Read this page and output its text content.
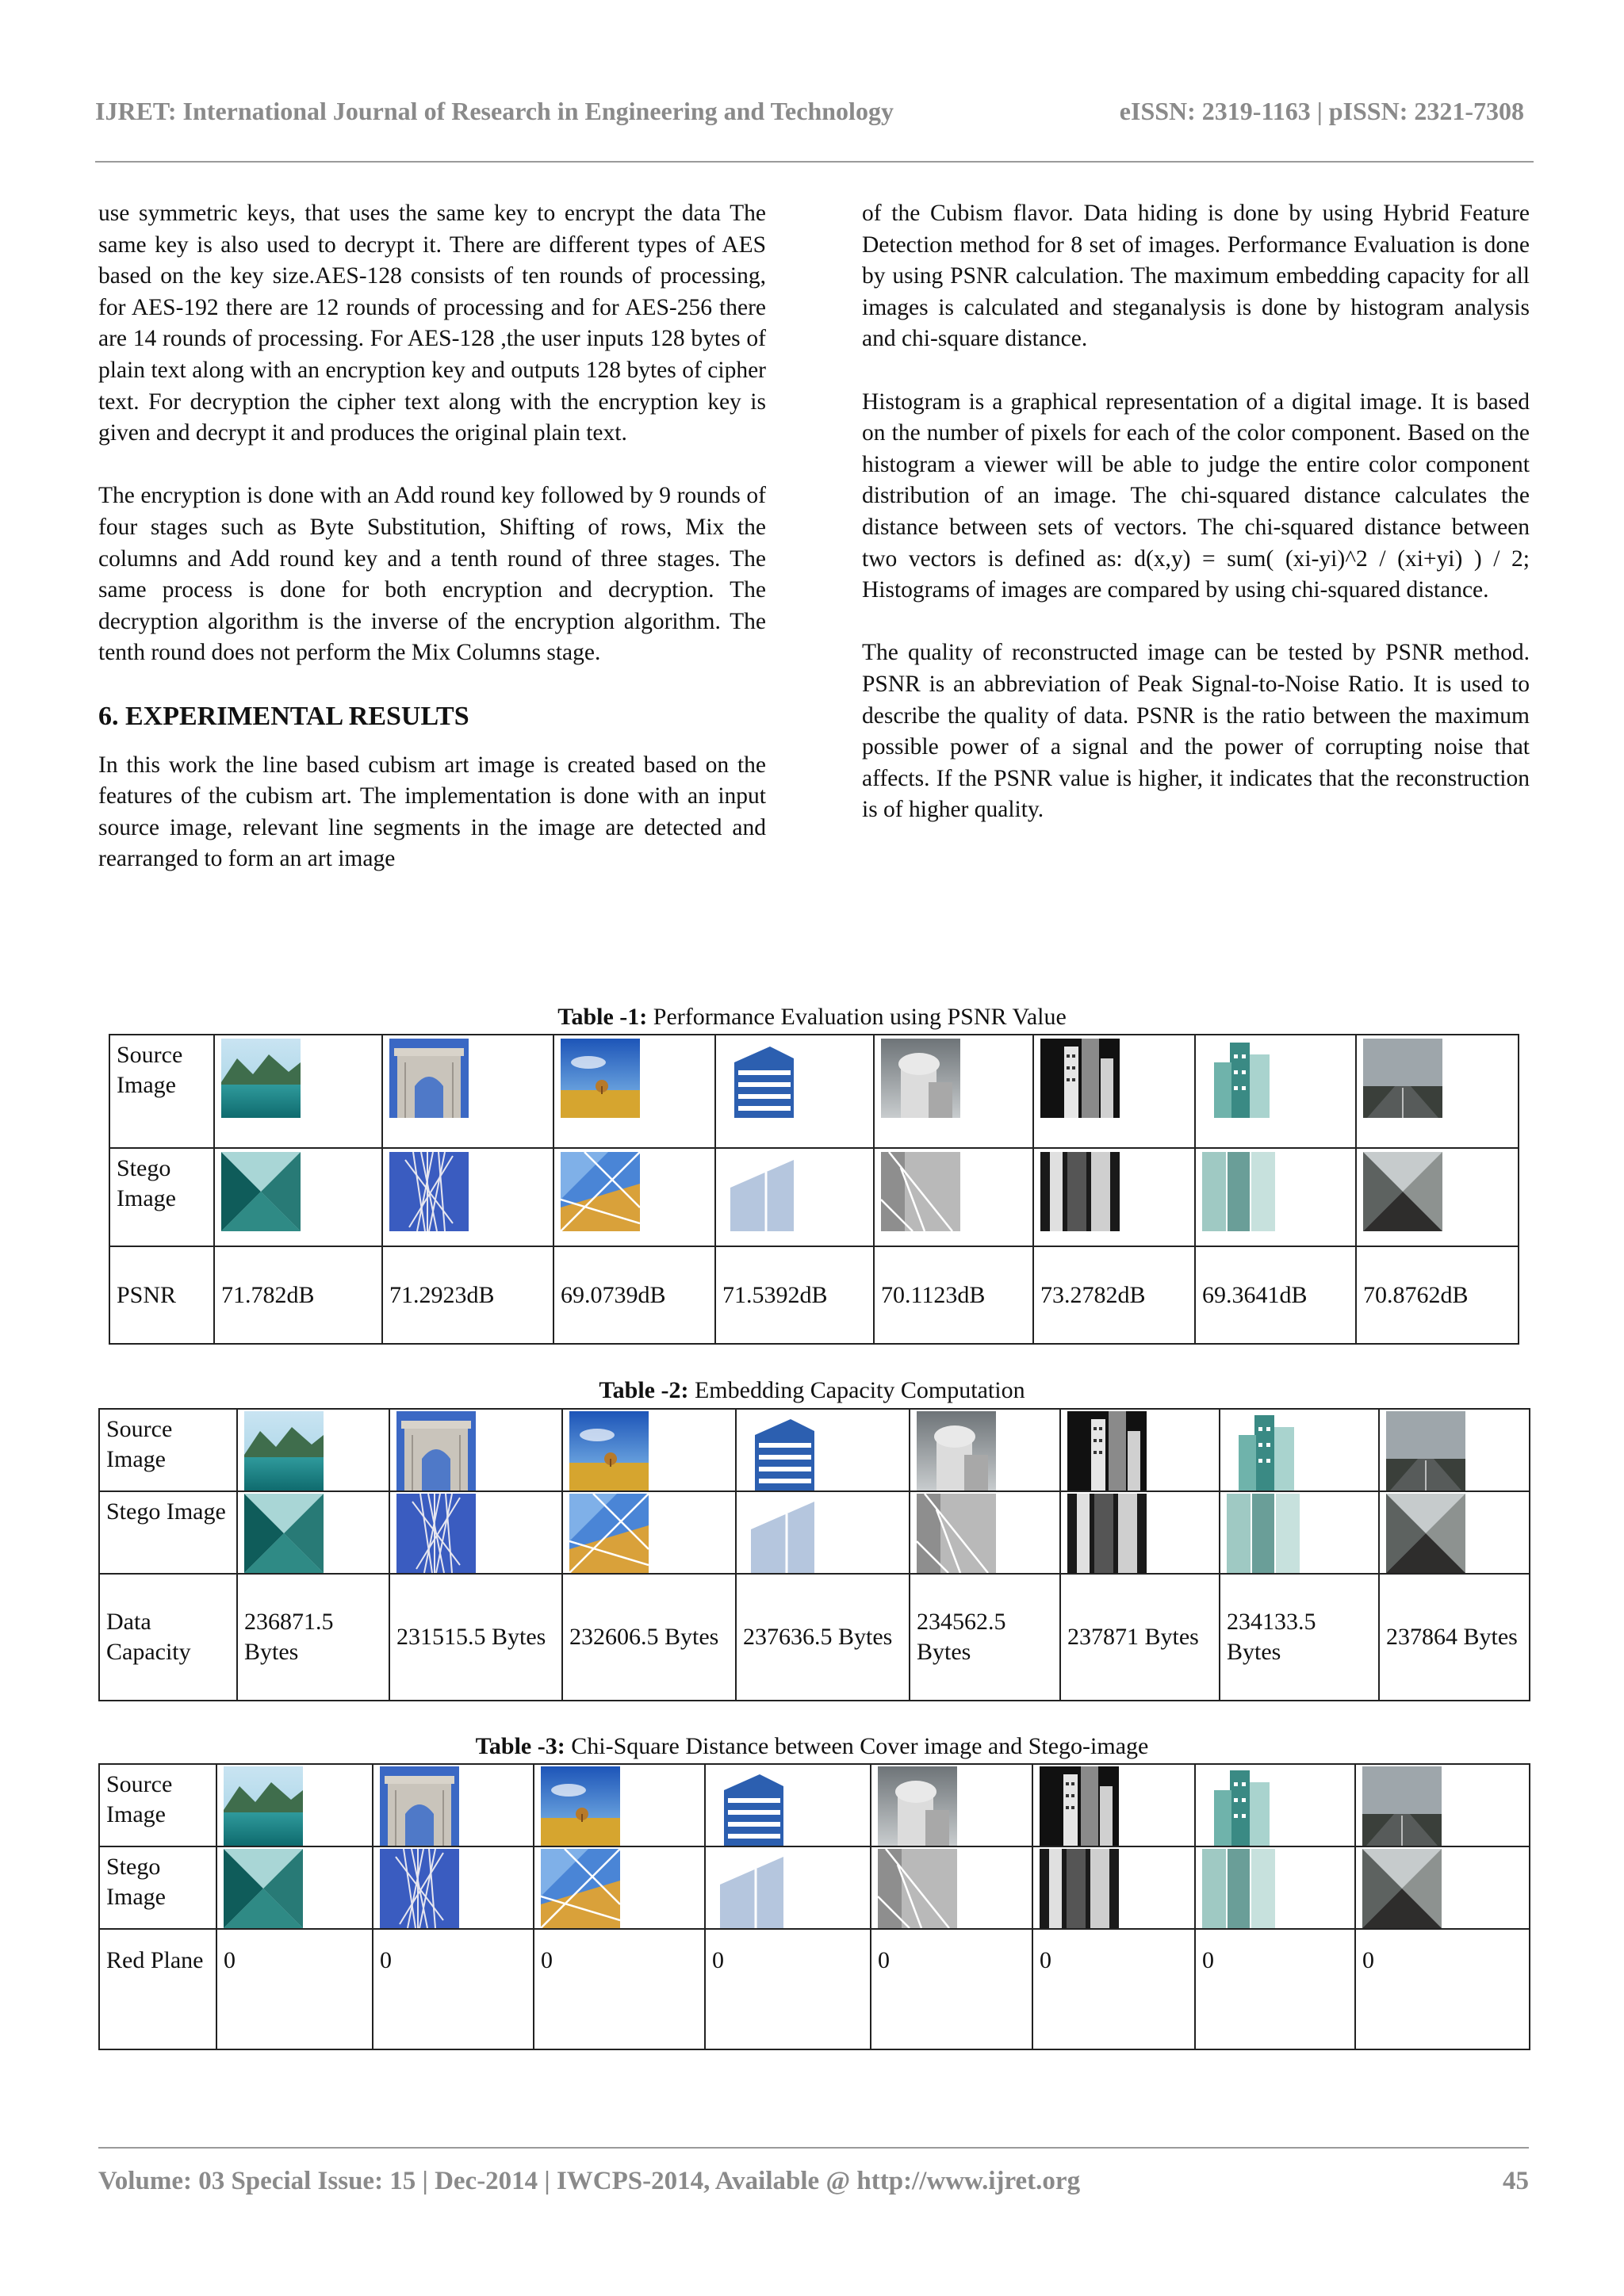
IJRET: International Journal of Research in Engineering and Technology	eISSN: 2319-1163 | pISSN: 2321-7308

use symmetric keys, that uses the same key to encrypt the data The same key is also used to decrypt it. There are different types of AES based on the key size.AES-128 consists of ten rounds of processing, for AES-192 there are 12 rounds of processing and for AES-256 there are 14 rounds of processing. For AES-128 ,the user inputs 128 bytes of plain text along with an encryption key and outputs 128 bytes of cipher text. For decryption the cipher text along with the encryption key is given and decrypt it and produces the original plain text.

The encryption is done with an Add round key followed by 9 rounds of four stages such as Byte Substitution, Shifting of rows, Mix the columns and Add round key and a tenth round of three stages. The same process is done for both encryption and decryption. The decryption algorithm is the inverse of the encryption algorithm. The tenth round does not perform the Mix Columns stage.

6. EXPERIMENTAL RESULTS

In this work the line based cubism art image is created based on the features of the cubism art. The implementation is done with an input source image, relevant line segments in the image are detected and rearranged to form an art image

of the Cubism flavor. Data hiding is done by using Hybrid Feature Detection method for 8 set of images. Performance Evaluation is done by using PSNR calculation. The maximum embedding capacity for all images is calculated and steganalysis is done by histogram analysis and chi-square distance.

Histogram is a graphical representation of a digital image. It is based on the number of pixels for each of the color component. Based on the histogram a viewer will be able to judge the entire color component distribution of an image. The chi-squared distance calculates the distance between sets of vectors. The chi-squared distance between two vectors is defined as: d(x,y) = sum( (xi-yi)^2 / (xi+yi) ) / 2; Histograms of images are compared by using chi-squared distance.

The quality of reconstructed image can be tested by PSNR method. PSNR is an abbreviation of Peak Signal-to-Noise Ratio. It is used to describe the quality of data. PSNR is the ratio between the maximum possible power of a signal and the power of corrupting noise that affects. If the PSNR value is higher, it indicates that the reconstruction is of higher quality.

Table -1: Performance Evaluation using PSNR Value
Source Image	

Stego Image	

PSNR	71.782dB	71.2923dB	69.0739dB	71.5392dB	70.1123dB	73.2782dB	69.3641dB	70.8762dB
Table -2: Embedding Capacity Computation
Source Image	

Stego Image	

Data Capacity	236871.5 Bytes	231515.5 Bytes	232606.5 Bytes	237636.5 Bytes	234562.5 Bytes	237871 Bytes	234133.5 Bytes	237864 Bytes
Table -3: Chi-Square Distance between Cover image and Stego-image
Source Image	

Stego Image	

Red Plane	0	0	0	0	0	0	0	0
Volume: 03 Special Issue: 15 | Dec-2014 | IWCPS-2014, Available @ http://www.ijret.org	45
